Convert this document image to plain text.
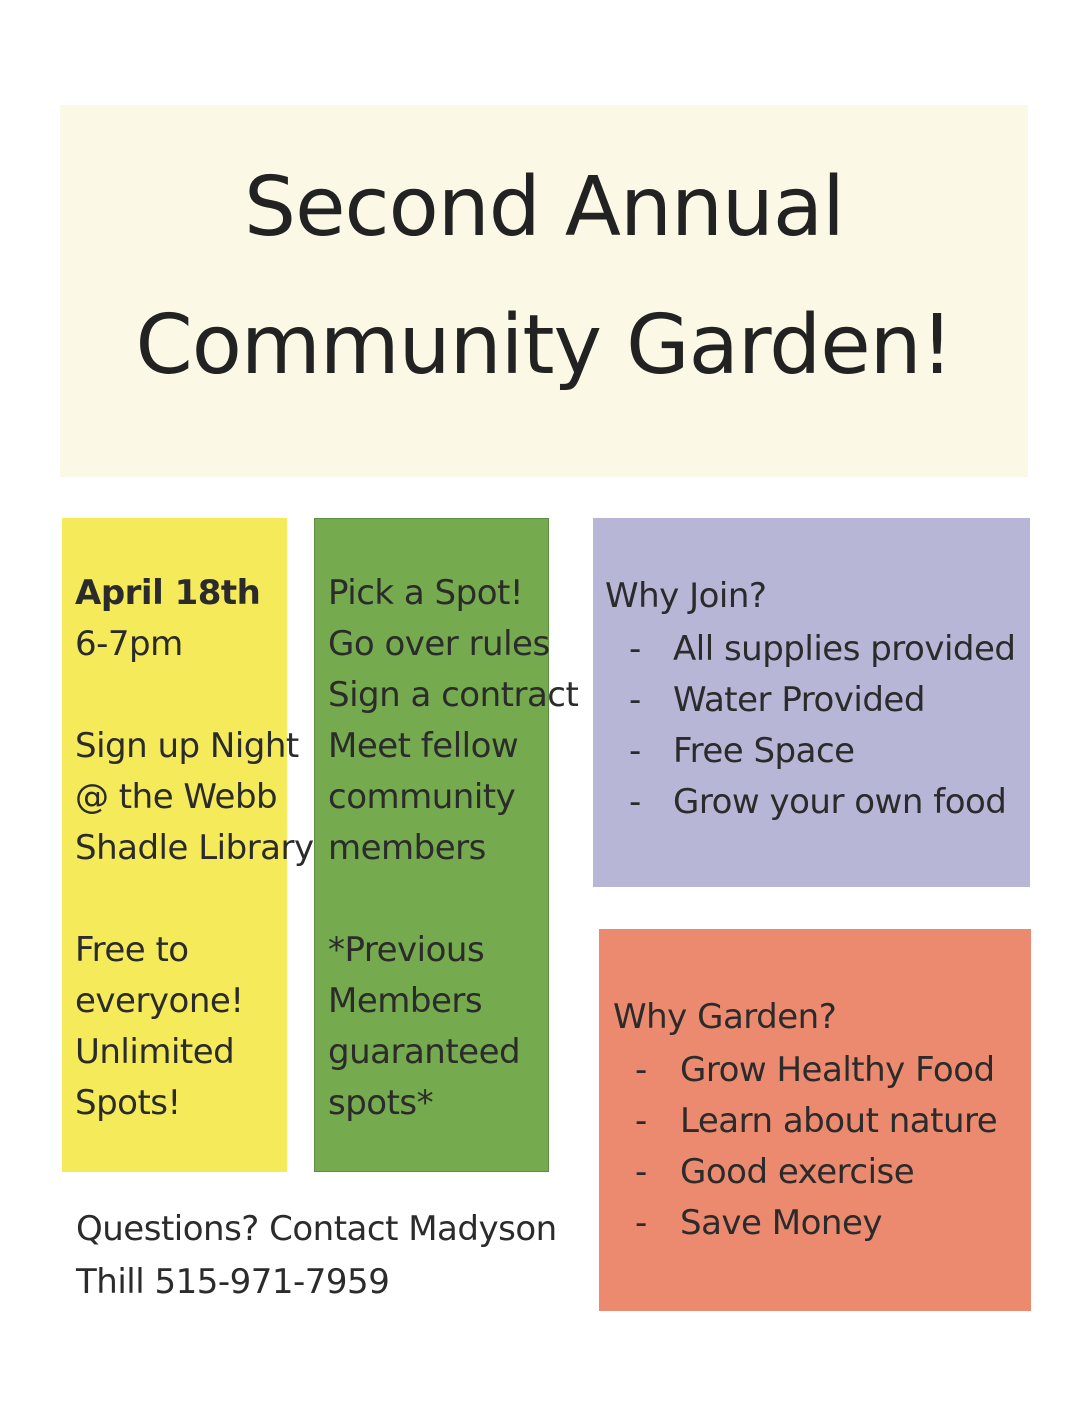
Second Annual
Community Garden!
April 18th
6-7pm
Sign up Night
@ the Webb
Shadle Library
Free to
everyone!
Unlimited
Spots!
Pick a Spot!
Go over rules
Sign a contract
Meet fellow
community
members
*Previous
Members
guaranteed
spots*
Why Join?
- All supplies provided
- Water Provided
- Free Space
- Grow your own food
Why Garden?
- Grow Healthy Food
- Learn about nature
- Good exercise
- Save Money
Questions? Contact Madyson
Thill 515-971-7959
